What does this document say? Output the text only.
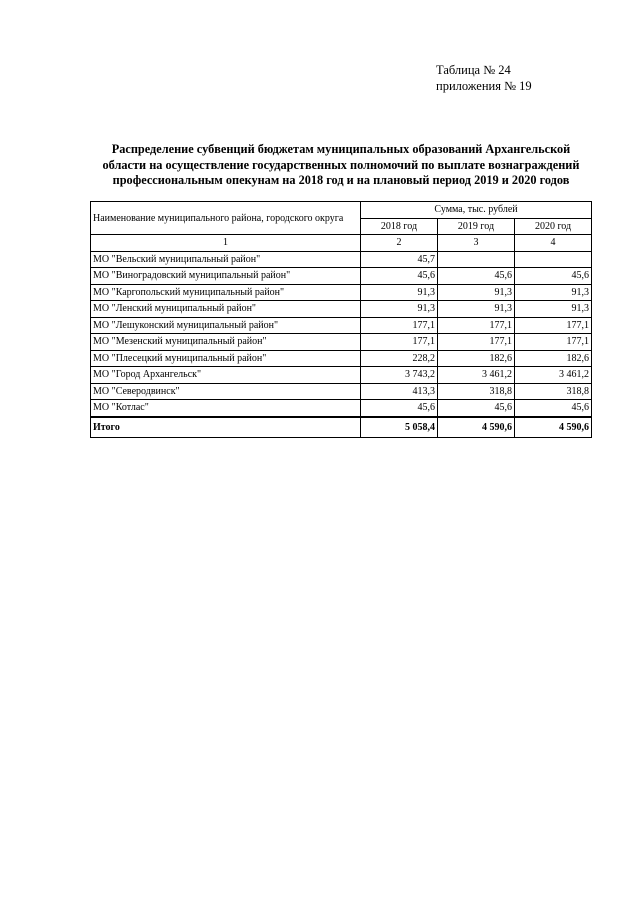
Таблица № 24
приложения № 19
Распределение субвенций бюджетам муниципальных образований Архангельской
области на осуществление государственных полномочий по выплате вознаграждений
профессиональным опекунам на 2018 год и на плановый период 2019 и 2020 годов
Наименование муниципального района, городского округа	Сумма, тыс. рублей		
	2018 год	2019 год	2020 год
1	2	3	4
МО "Вельский муниципальный район"	45,7		
МО "Виноградовский муниципальный район"	45,6	45,6	45,6
МО "Каргопольский муниципальный район"	91,3	91,3	91,3
МО "Ленский муниципальный район"	91,3	91,3	91,3
МО "Лешуконский муниципальный район"	177,1	177,1	177,1
МО "Мезенский муниципальный район"	177,1	177,1	177,1
МО "Плесецкий муниципальный район"	228,2	182,6	182,6
МО "Город Архангельск"	3 743,2	3 461,2	3 461,2
МО "Северодвинск"	413,3	318,8	318,8
МО "Котлас"	45,6	45,6	45,6
Итого	5 058,4	4 590,6	4 590,6
